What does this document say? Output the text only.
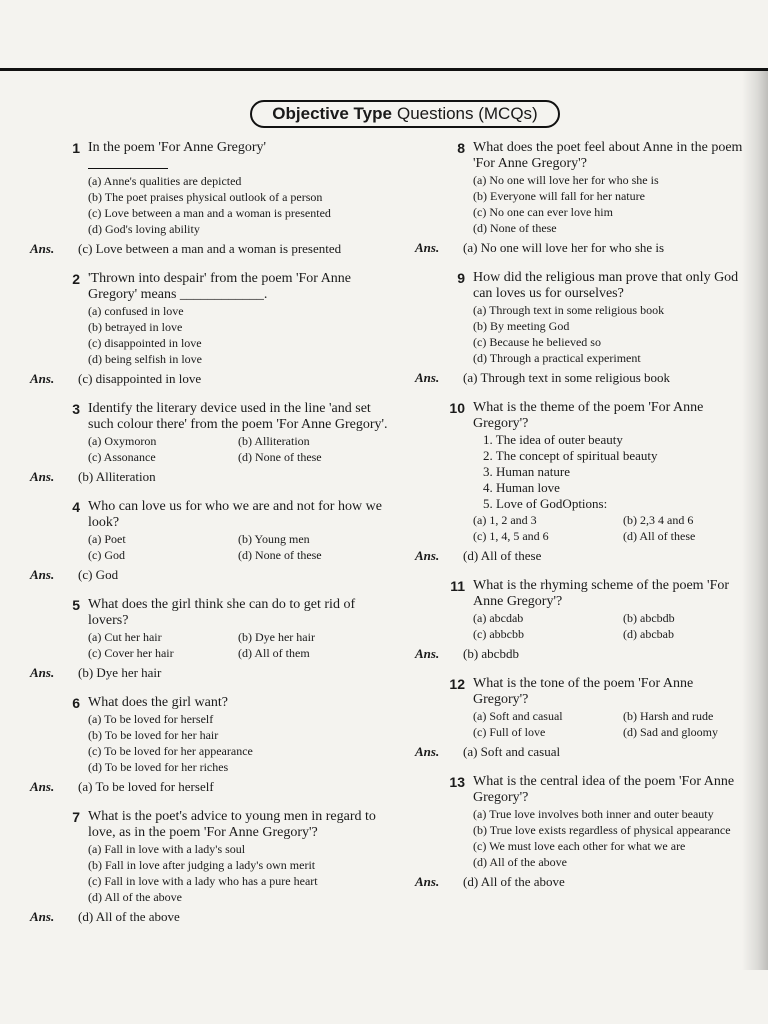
Objective Type Questions (MCQs)
1 In the poem 'For Anne Gregory'
(a) Anne's qualities are depicted
(b) The poet praises physical outlook of a person
(c) Love between a man and a woman is presented
(d) God's loving ability
Ans.	(c) Love between a man and a woman is presented
2 'Thrown into despair' from the poem 'For Anne Gregory' means ____________.
(a) confused in love
(b) betrayed in love
(c) disappointed in love
(d) being selfish in love
Ans.	(c) disappointed in love
3 Identify the literary device used in the line 'and set such colour there' from the poem 'For Anne Gregory'.
(a) Oxymoron	(b) Alliteration
(c) Assonance	(d) None of these
Ans.	(b) Alliteration
4 Who can love us for who we are and not for how we look?
(a) Poet	(b) Young men
(c) God	(d) None of these
Ans.	(c) God
5 What does the girl think she can do to get rid of lovers?
(a) Cut her hair	(b) Dye her hair
(c) Cover her hair	(d) All of them
Ans.	(b) Dye her hair
6 What does the girl want?
(a) To be loved for herself
(b) To be loved for her hair
(c) To be loved for her appearance
(d) To be loved for her riches
Ans.	(a) To be loved for herself
7 What is the poet's advice to young men in regard to love, as in the poem 'For Anne Gregory'?
(a) Fall in love with a lady's soul
(b) Fall in love after judging a lady's own merit
(c) Fall in love with a lady who has a pure heart
(d) All of the above
Ans.	(d) All of the above
8 What does the poet feel about Anne in the poem 'For Anne Gregory'?
(a) No one will love her for who she is
(b) Everyone will fall for her nature
(c) No one can ever love him
(d) None of these
Ans.	(a) No one will love her for who she is
9 How did the religious man prove that only God can loves us for ourselves?
(a) Through text in some religious book
(b) By meeting God
(c) Because he believed so
(d) Through a practical experiment
Ans.	(a) Through text in some religious book
10 What is the theme of the poem 'For Anne Gregory'?
1. The idea of outer beauty
2. The concept of spiritual beauty
3. Human nature
4. Human love
5. Love of GodOptions:
(a) 1, 2 and 3	(b) 2,3 4 and 6
(c) 1, 4, 5 and 6	(d) All of these
Ans.	(d) All of these
11 What is the rhyming scheme of the poem 'For Anne Gregory'?
(a) abcdab	(b) abcbdb
(c) abbcbb	(d) abcbab
Ans.	(b) abcbdb
12 What is the tone of the poem 'For Anne Gregory'?
(a) Soft and casual	(b) Harsh and rude
(c) Full of love	(d) Sad and gloomy
Ans.	(a) Soft and casual
13 What is the central idea of the poem 'For Anne Gregory'?
(a) True love involves both inner and outer beauty
(b) True love exists regardless of physical appearance
(c) We must love each other for what we are
(d) All of the above
Ans.	(d) All of the above
